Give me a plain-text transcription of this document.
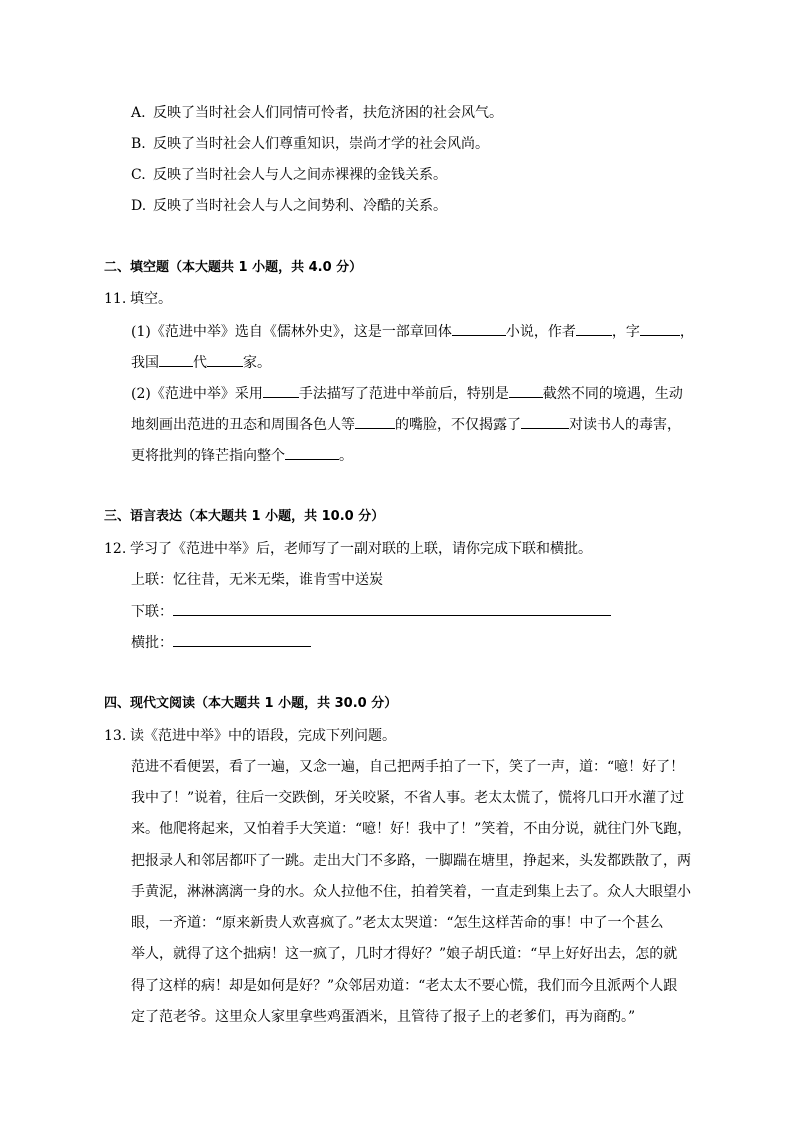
A. 反映了当时社会人们同情可怜者，扶危济困的社会风气。
B. 反映了当时社会人们尊重知识，崇尚才学的社会风尚。
C. 反映了当时社会人与人之间赤裸裸的金钱关系。
D. 反映了当时社会人与人之间势利、冷酷的关系。
二、填空题（本大题共 1 小题，共 4.0 分）
11. 填空。
(1)《范进中举》选自《儒林外史》，这是一部章回体	小说，作者	，字	，
我国 代	家。
(2)《范进中举》采用	手法描写了范进中举前后，特别是 截然不同的境遇，生动
地刻画出范进的丑态和周围各色人等	的嘴脸，不仅揭露了	对读书人的毒害，
更将批判的锋芒指向整个	。
三、语言表达（本大题共 1 小题，共 10.0 分）
12. 学习了《范进中举》后，老师写了一副对联的上联，请你完成下联和横批。
上联：忆往昔，无米无柴，谁肯雪中送炭
下联：
横批：
四、现代文阅读（本大题共 1 小题，共 30.0 分）
13. 读《范进中举》中的语段，完成下列问题。
范进不看便罢，看了一遍，又念一遍，自己把两手拍了一下，笑了一声，道：“噫！好了！
我中了！”说着，往后一交跌倒，牙关咬紧，不省人事。老太太慌了，慌将几口开水灌了过
来。他爬将起来，又怕着手大笑道：“噫！好！我中了！”笑着，不由分说，就往门外飞跑，
把报录人和邻居都吓了一跳。走出大门不多路，一脚踹在塘里，挣起来，头发都跌散了，两
手黄泥，淋淋漓漓一身的水。众人拉他不住，拍着笑着，一直走到集上去了。众人大眼望小
眼，一齐道：“原来新贵人欢喜疯了。”老太太哭道：“怎生这样苦命的事！中了一个甚么
举人，就得了这个拙病！这一疯了，几时才得好？”娘子胡氏道：“早上好好出去，怎的就
得了这样的病！却是如何是好？”众邻居劝道：“老太太不要心慌，我们而今且派两个人跟
定了范老爷。这里众人家里拿些鸡蛋酒米，且管待了报子上的老爹们，再为商酌。”
